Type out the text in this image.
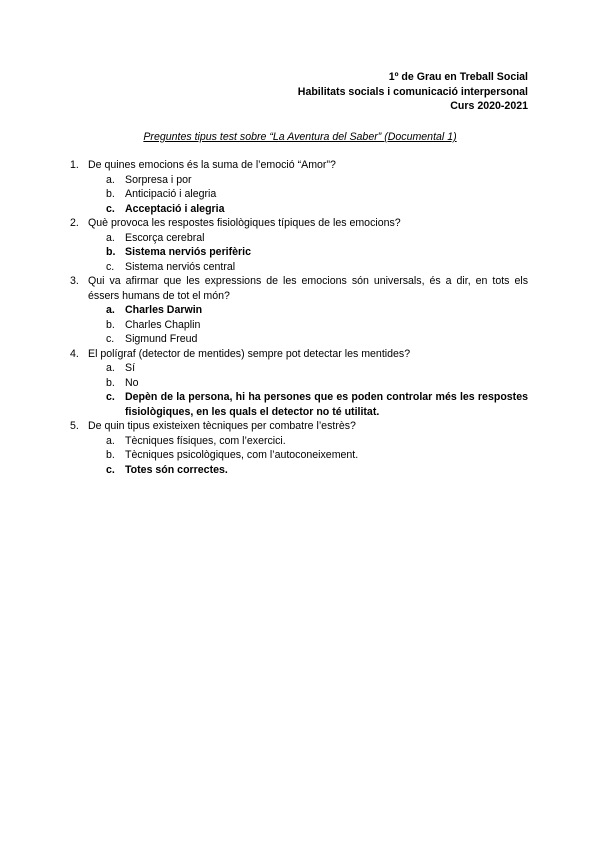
1º de Grau en Treball Social
Habilitats socials i comunicació interpersonal
Curs 2020-2021
Preguntes tipus test sobre “La Aventura del Saber” (Documental 1)
1. De quines emocions és la suma de l’emoció “Amor”?
a. Sorpresa i por
b. Anticipació i alegria
c. Acceptació i alegria
2. Què provoca les respostes fisiològiques típiques de les emocions?
a. Escorça cerebral
b. Sistema nerviós perifèric
c. Sistema nerviós central
3. Qui va afirmar que les expressions de les emocions són universals, és a dir, en tots els éssers humans de tot el món?
a. Charles Darwin
b. Charles Chaplin
c. Sigmund Freud
4. El polígraf (detector de mentides) sempre pot detectar les mentides?
a. Sí
b. No
c. Depèn de la persona, hi ha persones que es poden controlar més les respostes fisiològiques, en les quals el detector no té utilitat.
5. De quin tipus existeixen tècniques per combatre l’estrès?
a. Tècniques físiques, com l’exercici.
b. Tècniques psicològiques, com l’autoconeixement.
c. Totes són correctes.
